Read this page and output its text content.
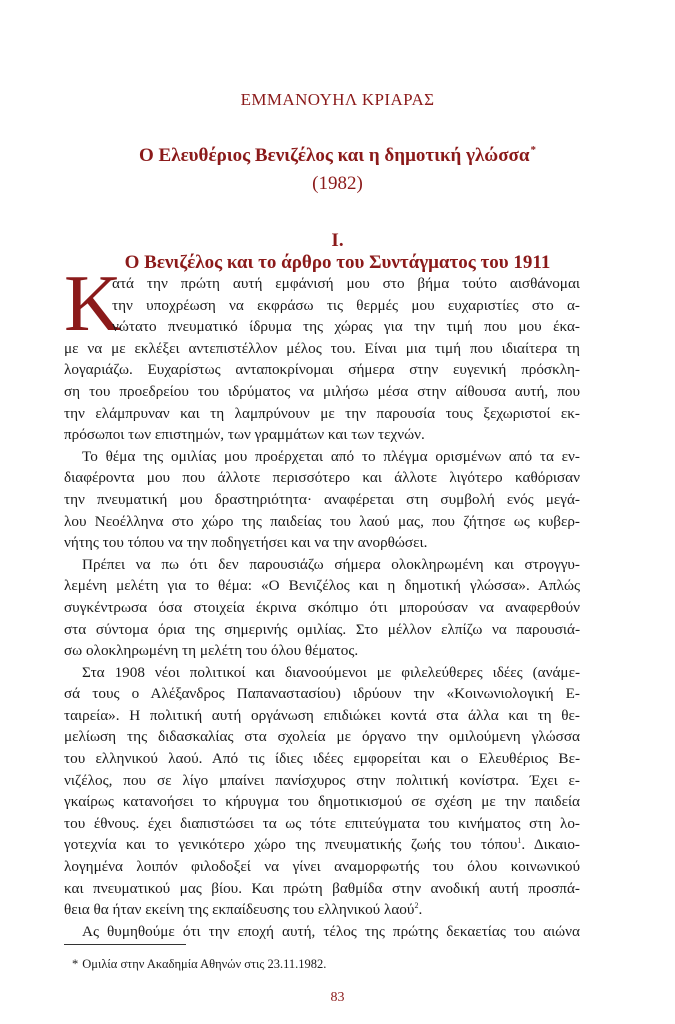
ΕΜΜΑΝΟΥΗΛ ΚΡΙΑΡΑΣ
Ο Ελευθέριος Βενιζέλος και η δημοτική γλώσσα*
(1982)
I.
Ο Βενιζέλος και το άρθρο του Συντάγματος του 1911
Κ
ατά την πρώτη αυτή εμφάνισή μου στο βήμα τούτο αισθάνομαι
την υποχρέωση να εκφράσω τις θερμές μου ευχαριστίες στο α-
νώτατο πνευματικό ίδρυμα της χώρας για την τιμή που μου έκα-
με να με εκλέξει αντεπιστέλλον μέλος του. Είναι μια τιμή που ιδιαίτερα τη
λογαριάζω. Ευχαρίστως ανταποκρίνομαι σήμερα στην ευγενική πρόσκλη-
ση του προεδρείου του ιδρύματος να μιλήσω μέσα στην αίθουσα αυτή, που
την ελάμπρυναν και τη λαμπρύνουν με την παρουσία τους ξεχωριστοί εκ-
πρόσωποι των επιστημών, των γραμμάτων και των τεχνών.
Το θέμα της ομιλίας μου προέρχεται από το πλέγμα ορισμένων από τα εν-
διαφέροντα μου που άλλοτε περισσότερο και άλλοτε λιγότερο καθόρισαν
την πνευματική μου δραστηριότητα· αναφέρεται στη συμβολή ενός μεγά-
λου Νεοέλληνα στο χώρο της παιδείας του λαού μας, που ζήτησε ως κυβερ-
νήτης του τόπου να την ποδηγετήσει και να την ανορθώσει.
Πρέπει να πω ότι δεν παρουσιάζω σήμερα ολοκληρωμένη και στρογγυ-
λεμένη μελέτη για το θέμα: «Ο Βενιζέλος και η δημοτική γλώσσα». Απλώς
συγκέντρωσα όσα στοιχεία έκρινα σκόπιμο ότι μπορούσαν να αναφερθούν
στα σύντομα όρια της σημερινής ομιλίας. Στο μέλλον ελπίζω να παρουσιά-
σω ολοκληρωμένη τη μελέτη του όλου θέματος.
Στα 1908 νέοι πολιτικοί και διανοούμενοι με φιλελεύθερες ιδέες (ανάμε-
σά τους ο Αλέξανδρος Παπαναστασίου) ιδρύουν την «Κοινωνιολογική Ε-
ταιρεία». Η πολιτική αυτή οργάνωση επιδιώκει κοντά στα άλλα και τη θε-
μελίωση της διδασκαλίας στα σχολεία με όργανο την ομιλούμενη γλώσσα
του ελληνικού λαού. Από τις ίδιες ιδέες εμφορείται και ο Ελευθέριος Βε-
νιζέλος, που σε λίγο μπαίνει πανίσχυρος στην πολιτική κονίστρα. Έχει ε-
γκαίρως κατανοήσει το κήρυγμα του δημοτικισμού σε σχέση με την παιδεία
του έθνους. έχει διαπιστώσει τα ως τότε επιτεύγματα του κινήματος στη λο-
γοτεχνία και το γενικότερο χώρο της πνευματικής ζωής του τόπου$^1$. Δικαιο-
λογημένα λοιπόν φιλοδοξεί να γίνει αναμορφωτής του όλου κοινωνικού
και πνευματικού μας βίου. Και πρώτη βαθμίδα στην ανοδική αυτή προσπά-
θεια θα ήταν εκείνη της εκπαίδευσης του ελληνικού λαού$^2$.
Ας θυμηθούμε ότι την εποχή αυτή, τέλος της πρώτης δεκαετίας του αιώνα
* Ομιλία στην Ακαδημία Αθηνών στις 23.11.1982.
83
